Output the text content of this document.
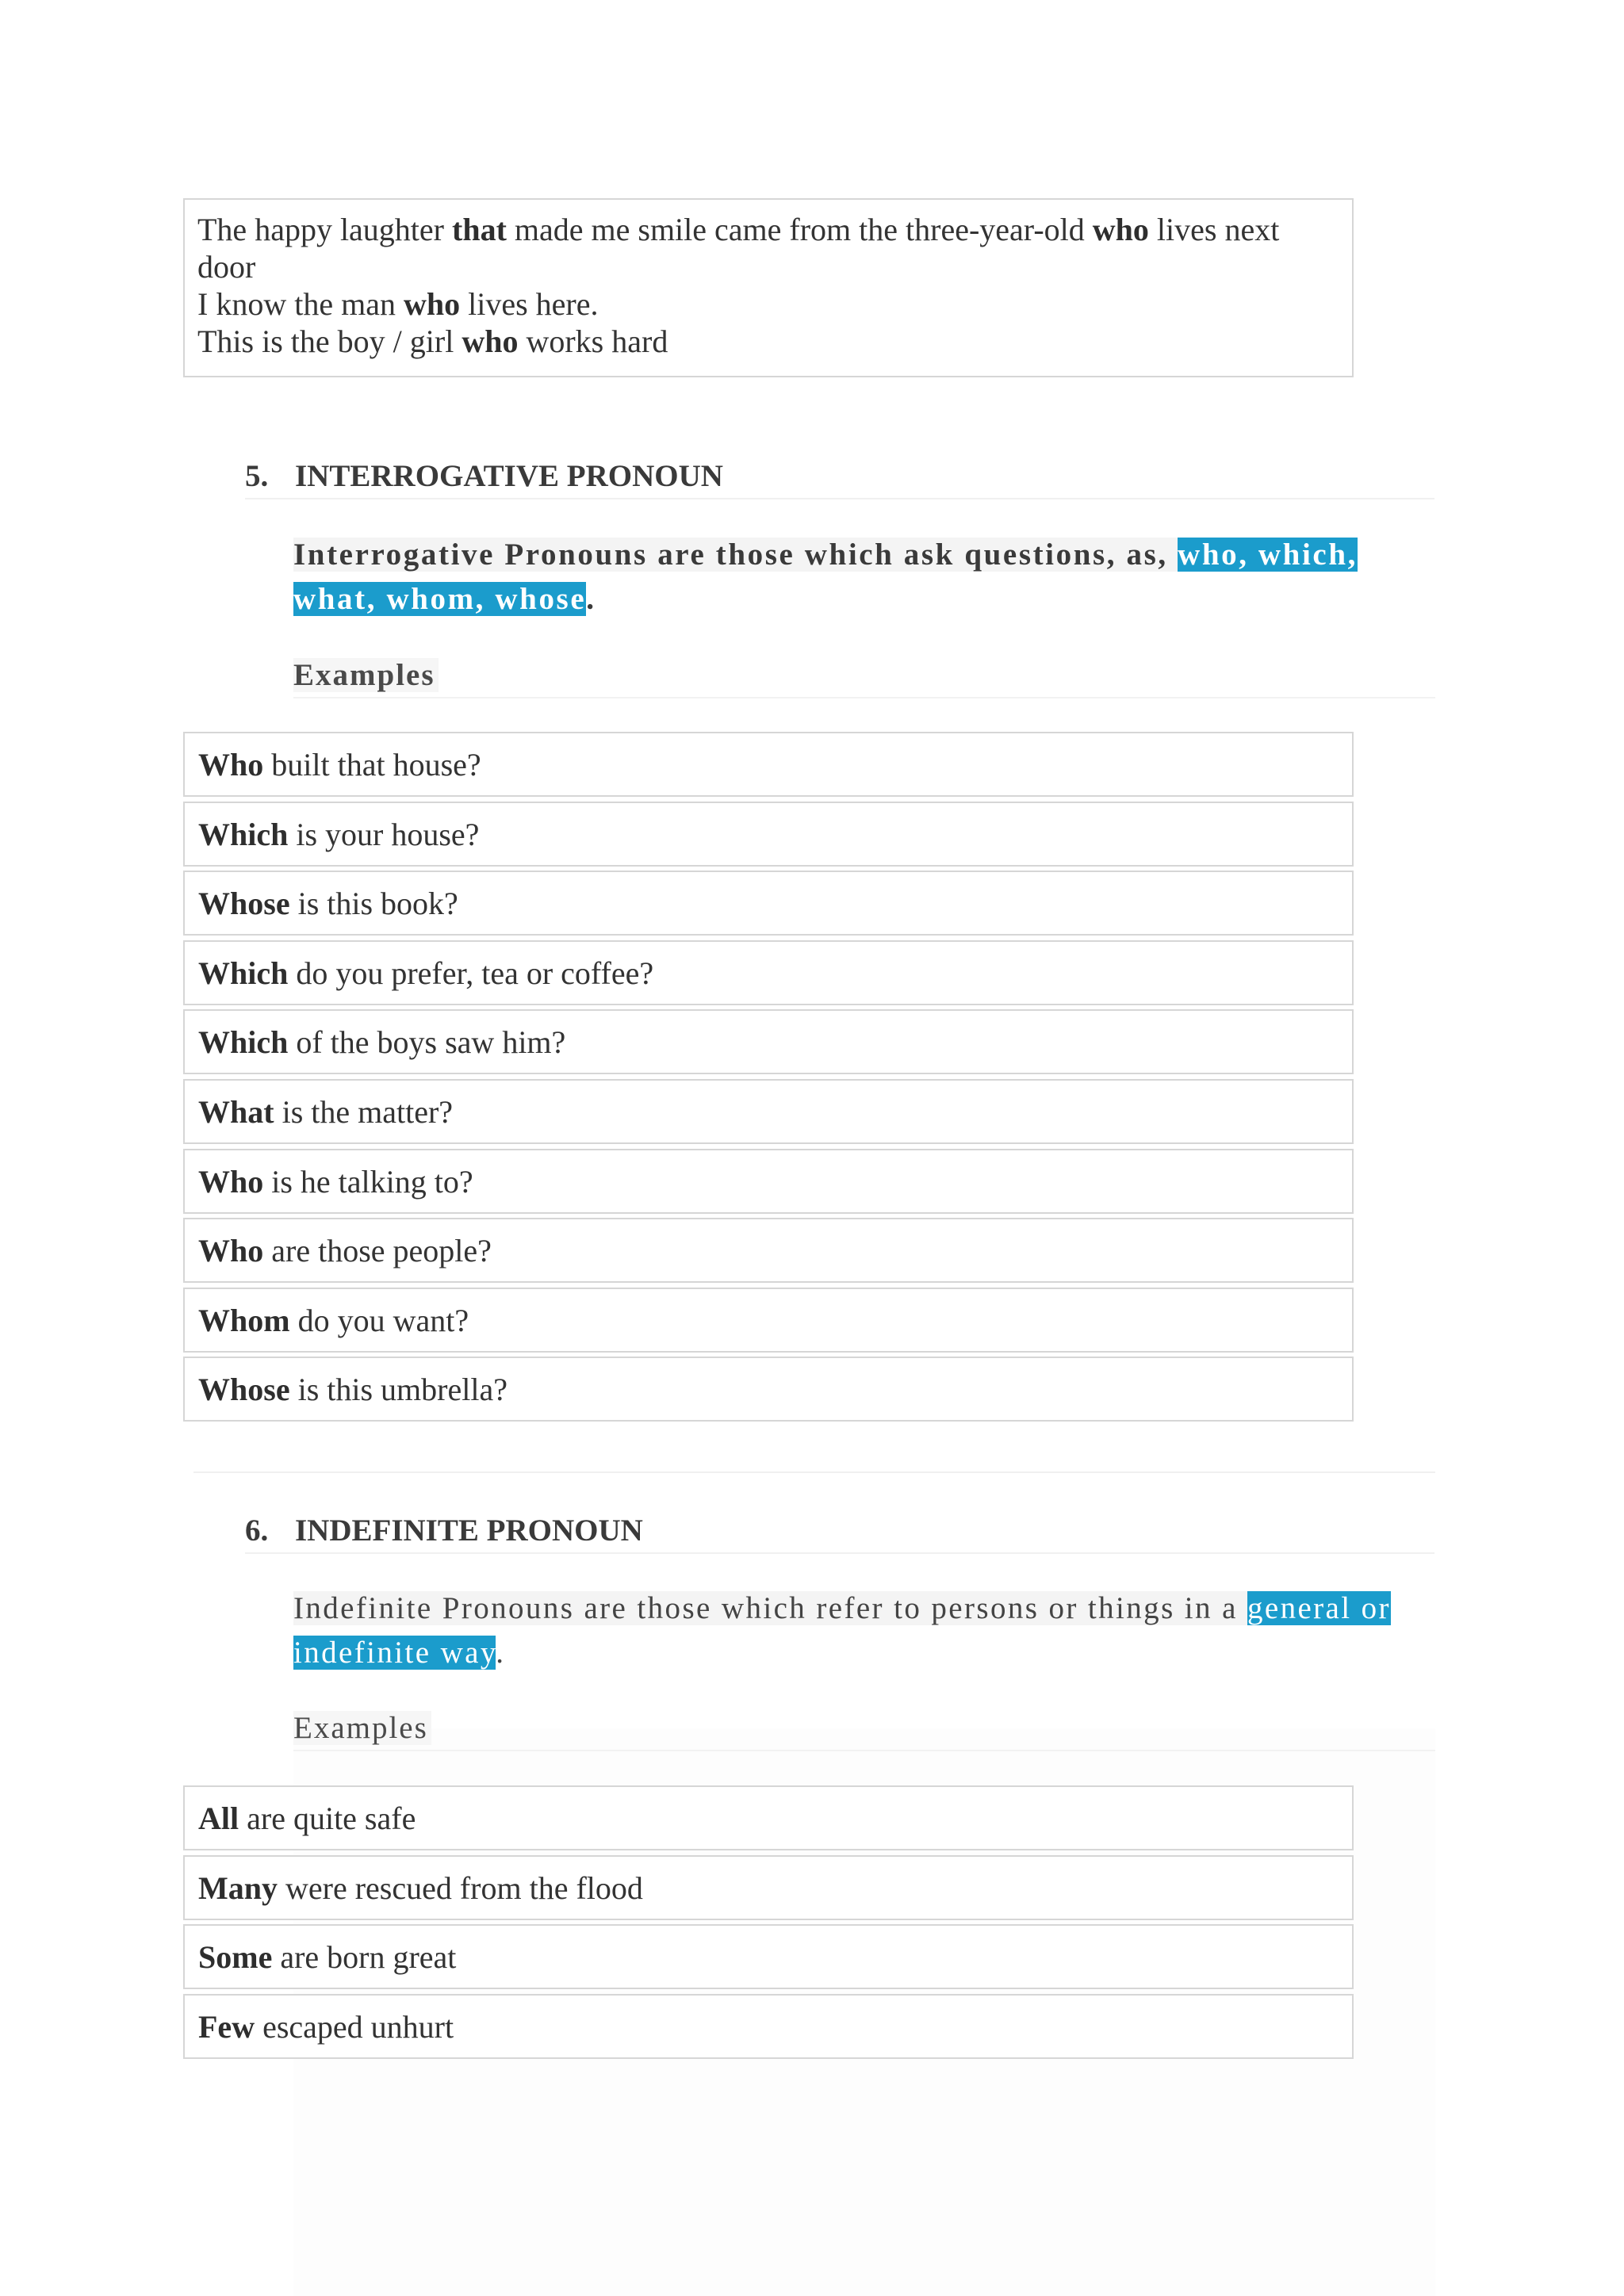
The happy laughter that made me smile came from the three-year-old who lives next
door
I know the man who lives here.
This is the boy / girl who works hard
5. INTERROGATIVE PRONOUN
Interrogative Pronouns are those which ask questions, as, who, which,
what, whom, whose.
Examples
Who built that house?
Which is your house?
Whose is this book?
Which do you prefer, tea or coffee?
Which of the boys saw him?
What is the matter?
Who is he talking to?
Who are those people?
Whom do you want?
Whose is this umbrella?
6. INDEFINITE PRONOUN
Indefinite Pronouns are those which refer to persons or things in a general or
indefinite way.
Examples
All are quite safe
Many were rescued from the flood
Some are born great
Few escaped unhurt
